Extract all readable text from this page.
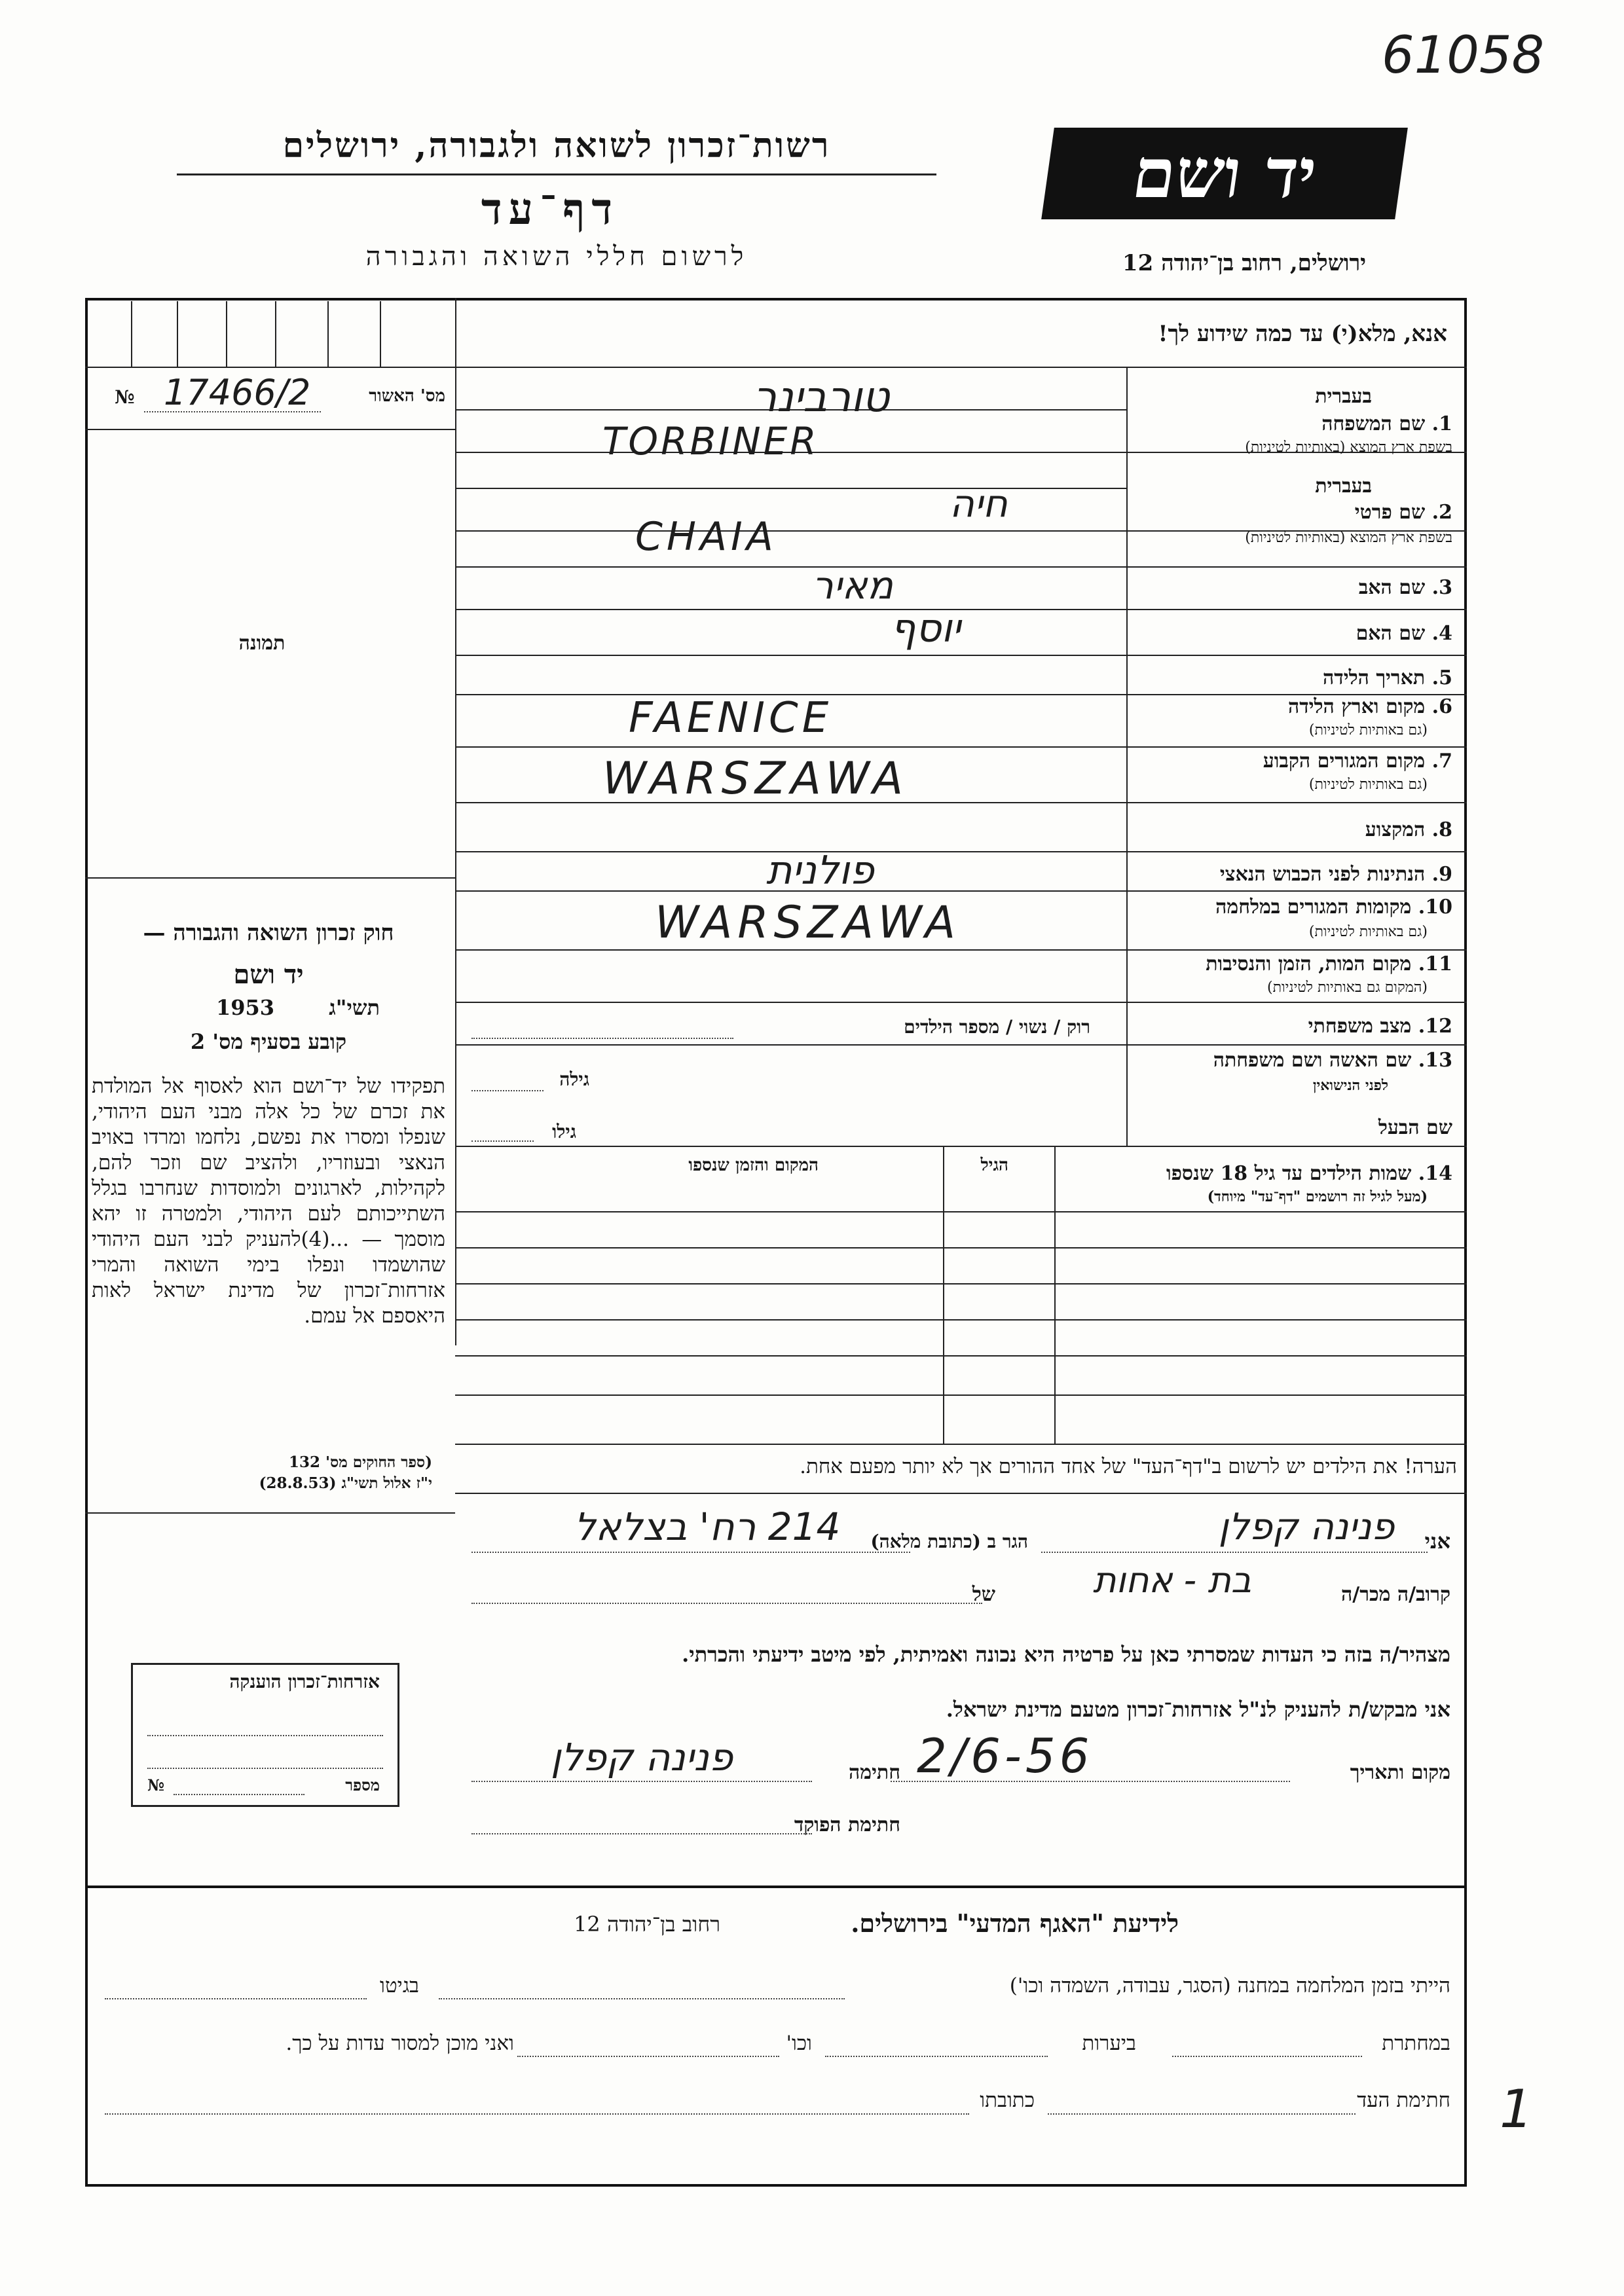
61058
רשות־זכרון לשואה ולגבורה, ירושלים
דף־עד
לרשום חללי השואה והגבורה
יד ושם
ירושלים, רחוב בן־יהודה 12
אנא, מלא(י) עד כמה שידוע לך!
מס' האשור
№ 17466/2
תמונה
חוק זכרון השואה והגבורה —
יד ושם
תשי"ג
1953
קובע בסעיף מס' 2
תפקידו של יד־ושם הוא לאסוף אל המולדת את זכרם של כל אלה מבני העם היהודי, שנפלו ומסרו את נפשם, נלחמו ומרדו באויב הנאצי ובעוזריו, ולהציב שם וזכר להם, לקהילות, לארגונים ולמוסדות שנחרבו בגלל השתייכותם לעם היהודי, ולמטרה זו יהא מוסמך — ...(4)להעניק לבני העם היהודי שהושמדו ונפלו בימי השואה והמרי אזרחות־זכרון של מדינת ישראל לאות היאספם אל עמם.
(ספר החוקים מס' 132
י"ז אלול תשי"ג (28.8.53)
בעברית
1. שם המשפחה
בשפת ארץ המוצא (באותיות לטיניות)
בעברית
2. שם פרטי
בשפת ארץ המוצא (באותיות לטיניות)
3. שם האב
4. שם האם
5. תאריך הלידה
6. מקום וארץ הלידה
(גם באותיות לטיניות)
7. מקום המגורים הקבוע
(גם באותיות לטיניות)
8. המקצוע
9. הנתינות לפני הכבוש הנאצי
10. מקומות המגורים במלחמה
(גם באותיות לטיניות)
11. מקום המות, הזמן והנסיבות
(המקום גם באותיות לטיניות)
12. מצב משפחתי
13. שם האשה ושם משפחתה
לפני הנישואין
שם הבעל
טורבינר
TORBINER
חיה
CHAIA
מאיר
יוסף
FAENICE
WARSZAWA
פולנית
WARSZAWA
רוק / נשוי / מספר הילדים
גילה
גילו
14. שמות הילדים עד גיל 18 שנספו
(מעל לגיל זה רושמים "דף־עד" מיוחד)
הגיל
המקום והזמן שנספו
הערה! את הילדים יש לרשום ב"דף־העד" של אחד ההורים אך לא יותר מפעם אחת.
אני
פנינה קפלן
הגר ב (כתובת מלאה)
214 רח' בצלאל
קרוב/ה מכר/ה
בת - אחות
של
מצהיר/ה בזה כי העדות שמסרתי כאן על פרטיה היא נכונה ואמיתית, לפי מיטב ידיעתי והכרתי.
אני מבקש/ת להעניק לנ"ל אזרחות־זכרון מטעם מדינת ישראל.
מקום ותאריך
2/6-56
חתימה
פנינה קפלן
חתימת הפוקד
אזרחות־זכרון הוענקה
№	מספר
לידיעת "האגף המדעי" בירושלים.
רחוב בן־יהודה 12
הייתי בזמן המלחמה במחנה (הסגר, עבודה, השמדה וכו')
בגיטו
במחתרת
ביערות
וכו'
ואני מוכן למסור עדות על כך.
חתימת העד
כתובתו	1
